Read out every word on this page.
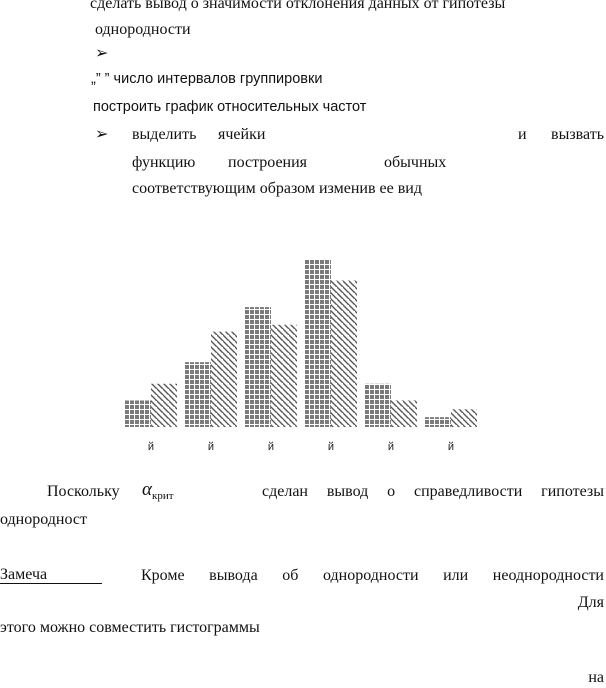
сделать вывод о значимости отклонения данных от гипотезы
однородности
➢
„” ” число интервалов группировки
построить график относительных частот
➢ выделить ячейки	и вызвать
функцию построения	обычных
соответствующим образом изменив ее вид
й	й	й	й	й	й
Поскольку $\alpha_{крит}$	сделан вывод о справедливости гипотезы
однородност
Замеча	Кроме вывода об однородности или неоднородности
Для
этого можно совместить гистограммы
на
